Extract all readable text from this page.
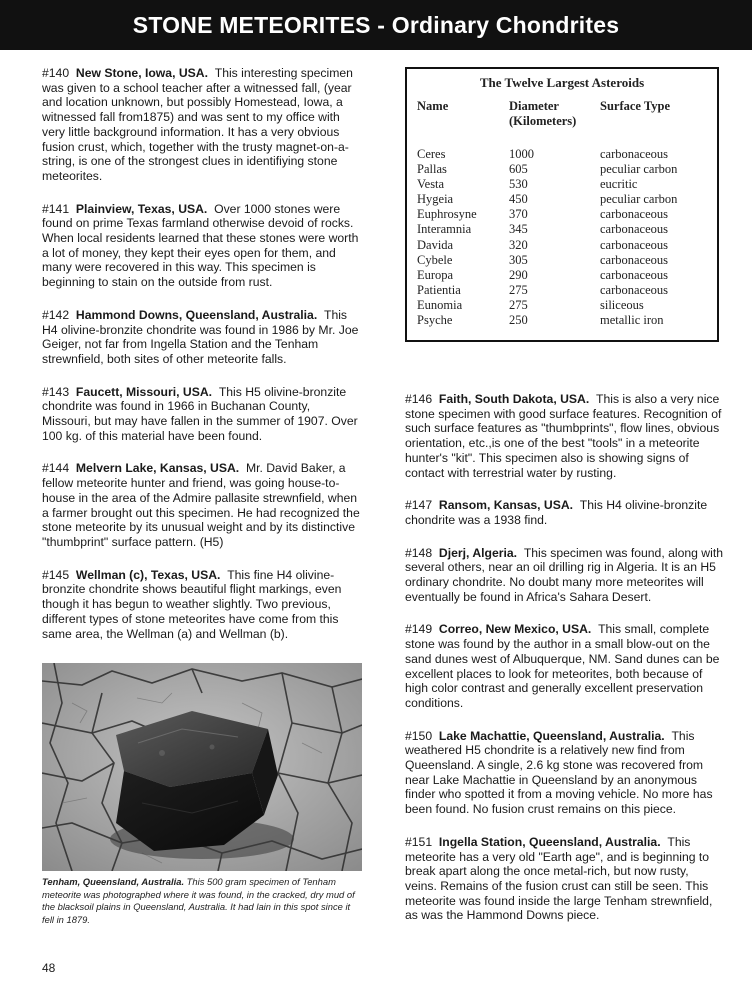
STONE METEORITES - Ordinary Chondrites

#140 New Stone, Iowa, USA. This interesting specimen was given to a school teacher after a witnessed fall, (year and location unknown, but possibly Homestead, Iowa, a witnessed fall from1875) and was sent to my office with very little background information. It has a very obvious fusion crust, which, together with the trusty magnet-on-a-string, is one of the strongest clues in identifiying stone meteorites.

#141 Plainview, Texas, USA. Over 1000 stones were found on prime Texas farmland otherwise devoid of rocks. When local residents learned that these stones were worth a lot of money, they kept their eyes open for them, and many were recovered in this way. This specimen is beginning to stain on the outside from rust.

#142 Hammond Downs, Queensland, Australia. This H4 olivine-bronzite chondrite was found in 1986 by Mr. Joe Geiger, not far from Ingella Station and the Tenham strewnfield, both sites of other meteorite falls.

#143 Faucett, Missouri, USA. This H5 olivine-bronzite chondrite was found in 1966 in Buchanan County, Missouri, but may have fallen in the summer of 1907. Over 100 kg. of this material have been found.

#144 Melvern Lake, Kansas, USA. Mr. David Baker, a fellow meteorite hunter and friend, was going house-to-house in the area of the Admire pallasite strewnfield, when a farmer brought out this specimen. He had recognized the stone meteorite by its unusual weight and by its distinctive "thumbprint" surface pattern. (H5)

#145 Wellman (c), Texas, USA. This fine H4 olivine-bronzite chondrite shows beautiful flight markings, even though it has begun to weather slightly. Two previous, different types of stone meteorites have come from this same area, the Wellman (a) and Wellman (b).

The Twelve Largest Asteroids
Name	Diameter (Kilometers)	Surface Type
Ceres	1000	carbonaceous
Pallas	605	peculiar carbon
Vesta	530	eucritic
Hygeia	450	peculiar carbon
Euphrosyne	370	carbonaceous
Interamnia	345	carbonaceous
Davida	320	carbonaceous
Cybele	305	carbonaceous
Europa	290	carbonaceous
Patientia	275	carbonaceous
Eunomia	275	siliceous
Psyche	250	metallic iron

#146 Faith, South Dakota, USA. This is also a very nice stone specimen with good surface features. Recognition of such surface features as "thumbprints", flow lines, obvious orientation, etc.,is one of the best "tools" in a meteorite hunter's "kit". This specimen also is showing signs of contact with terrestrial water by rusting.

#147 Ransom, Kansas, USA. This H4 olivine-bronzite chondrite was a 1938 find.

#148 Djerj, Algeria. This specimen was found, along with several others, near an oil drilling rig in Algeria. It is an H5 ordinary chondrite. No doubt many more meteorites will eventually be found in Africa's Sahara Desert.

#149 Correo, New Mexico, USA. This small, complete stone was found by the author in a small blow-out on the sand dunes west of Albuquerque, NM. Sand dunes can be excellent places to look for meteorites, both because of high color contrast and generally excellent preservation conditions.

#150 Lake Machattie, Queensland, Australia. This weathered H5 chondrite is a relatively new find from Queensland. A single, 2.6 kg stone was recovered from near Lake Machattie in Queensland by an anonymous finder who spotted it from a moving vehicle. No more has been found. No fusion crust remains on this piece.

#151 Ingella Station, Queensland, Australia. This meteorite has a very old "Earth age", and is beginning to break apart along the once metal-rich, but now rusty, veins. Remains of the fusion crust can still be seen. This meteorite was found inside the large Tenham strewnfield, as was the Hammond Downs piece.

Tenham, Queensland, Australia. This 500 gram specimen of Tenham meteorite was photographed where it was found, in the cracked, dry mud of the blacksoil plains in Queensland, Australia. It had lain in this spot since it fell in 1879.
48
